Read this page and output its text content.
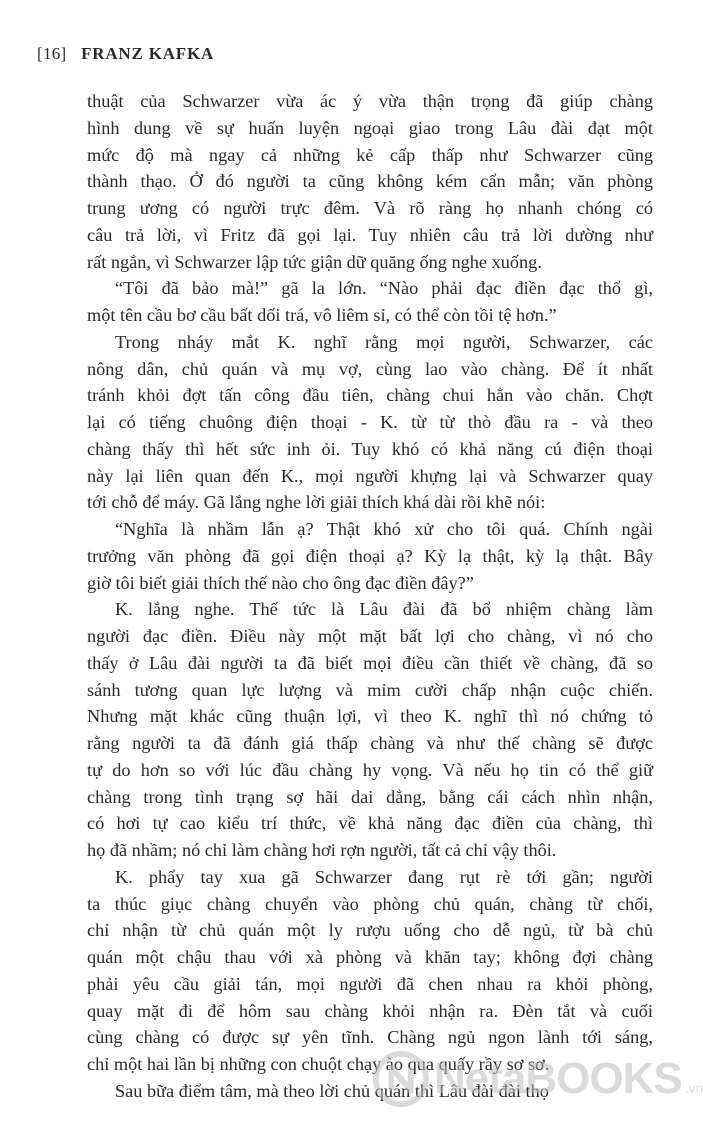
[16] FRANZ KAFKA

thuật của Schwarzer vừa ác ý vừa thận trọng đã giúp chàng

hình dung về sự huấn luyện ngoại giao trong Lâu đài đạt một

mức độ mà ngay cả những kẻ cấp thấp như Schwarzer cũng

thành thạo. Ở đó người ta cũng không kém cẩn mẫn; văn phòng

trung ương có người trực đêm. Và rõ ràng họ nhanh chóng có

câu trả lời, vì Fritz đã gọi lại. Tuy nhiên câu trả lời dường như

rất ngắn, vì Schwarzer lập tức giận dữ quăng ống nghe xuống.

“Tôi đã bảo mà!” gã la lớn. “Nào phải đạc điền đạc thổ gì,

một tên cầu bơ cầu bất dối trá, vô liêm sỉ, có thể còn tồi tệ hơn.”

Trong nháy mắt K. nghĩ rằng mọi người, Schwarzer, các

nông dân, chủ quán và mụ vợ, cùng lao vào chàng. Để ít nhất

tránh khỏi đợt tấn công đầu tiên, chàng chui hẳn vào chăn. Chợt

lại có tiếng chuông điện thoại - K. từ từ thò đầu ra - và theo

chàng thấy thì hết sức inh ỏi. Tuy khó có khả năng cú điện thoại

này lại liên quan đến K., mọi người khựng lại và Schwarzer quay

tới chỗ để máy. Gã lắng nghe lời giải thích khá dài rồi khẽ nói:

“Nghĩa là nhầm lẫn ạ? Thật khó xử cho tôi quá. Chính ngài

trưởng văn phòng đã gọi điện thoại ạ? Kỳ lạ thật, kỳ lạ thật. Bây

giờ tôi biết giải thích thế nào cho ông đạc điền đây?”

K. lắng nghe. Thế tức là Lâu đài đã bổ nhiệm chàng làm

người đạc điền. Điều này một mặt bất lợi cho chàng, vì nó cho

thấy ở Lâu đài người ta đã biết mọi điều cần thiết về chàng, đã so

sánh tương quan lực lượng và mỉm cười chấp nhận cuộc chiến.

Nhưng mặt khác cũng thuận lợi, vì theo K. nghĩ thì nó chứng tỏ

rằng người ta đã đánh giá thấp chàng và như thế chàng sẽ được

tự do hơn so với lúc đầu chàng hy vọng. Và nếu họ tin có thể giữ

chàng trong tình trạng sợ hãi dai dẳng, bằng cái cách nhìn nhận,

có hơi tự cao kiểu trí thức, về khả năng đạc điền của chàng, thì

họ đã nhầm; nó chỉ làm chàng hơi rợn người, tất cả chỉ vậy thôi.

K. phẩy tay xua gã Schwarzer đang rụt rè tới gần; người

ta thúc giục chàng chuyển vào phòng chủ quán, chàng từ chối,

chỉ nhận từ chủ quán một ly rượu uống cho dễ ngủ, từ bà chủ

quán một chậu thau với xà phòng và khăn tay; không đợi chàng

phải yêu cầu giải tán, mọi người đã chen nhau ra khỏi phòng,

quay mặt đi để hôm sau chàng khỏi nhận ra. Đèn tắt và cuối

cùng chàng có được sự yên tĩnh. Chàng ngủ ngon lành tới sáng,

chỉ một hai lần bị những con chuột chạy ào qua quấy rầy sơ sơ.

Sau bữa điểm tâm, mà theo lời chủ quán thì Lâu đài đài thọ

NetaBOOKS .vn
